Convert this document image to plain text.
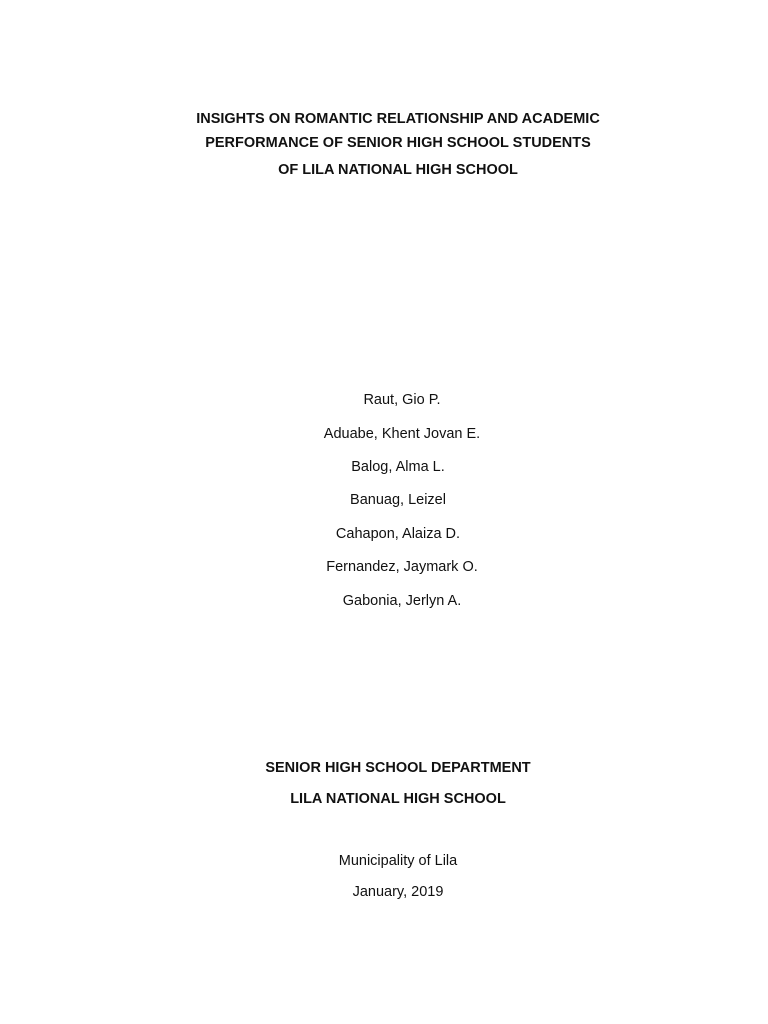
INSIGHTS ON ROMANTIC RELATIONSHIP AND ACADEMIC
PERFORMANCE OF SENIOR HIGH SCHOOL STUDENTS
OF LILA NATIONAL HIGH SCHOOL
Raut, Gio P.
Aduabe, Khent Jovan E.
Balog, Alma L.
Banuag, Leizel
Cahapon, Alaiza D.
Fernandez, Jaymark O.
Gabonia, Jerlyn A.
SENIOR HIGH SCHOOL DEPARTMENT
LILA NATIONAL HIGH SCHOOL
Municipality of Lila
January, 2019
